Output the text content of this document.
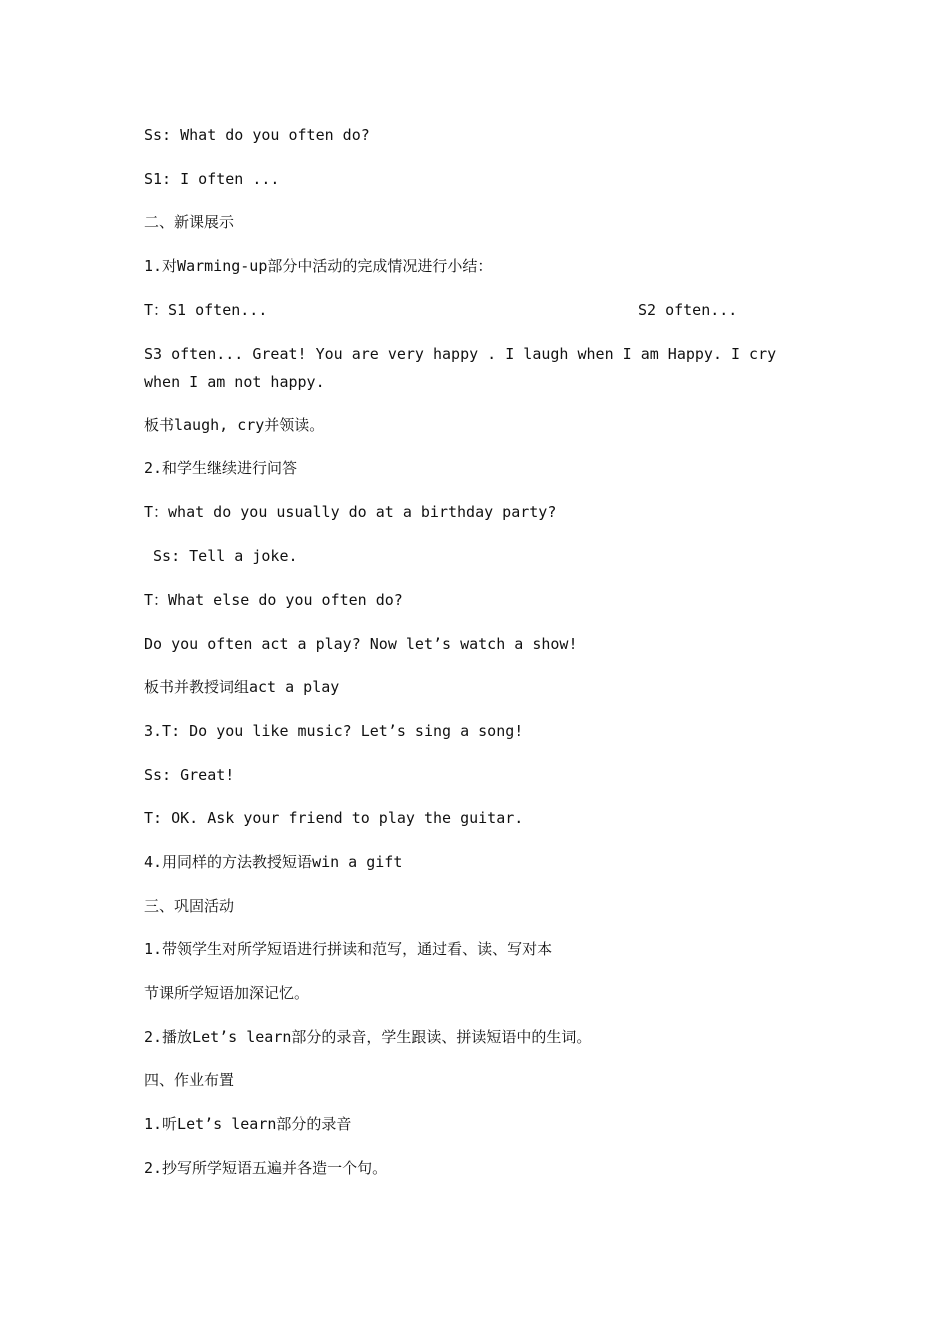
Ss: What do you often do?
S1: I often ...
二、新课展示
1.对Warming-up部分中活动的完成情况进行小结：
T：S1 often...	S2 often...
S3 often... Great! You are very happy . I laugh when I am Happy. I cry when I am not happy.
板书laugh, cry并领读。
2.和学生继续进行问答
T：what do you usually do at a birthday party?
Ss: Tell a joke.
T：What else do you often do?
Do you often act a play? Now let’s watch a show!
板书并教授词组act a play
3.T: Do you like music? Let’s sing a song!
Ss: Great!
T: OK. Ask your friend to play the guitar.
4.用同样的方法教授短语win a gift
三、巩固活动
1.带领学生对所学短语进行拼读和范写，通过看、读、写对本
节课所学短语加深记忆。
2.播放Let’s learn部分的录音，学生跟读、拼读短语中的生词。
四、作业布置
1.听Let’s learn部分的录音
2.抄写所学短语五遍并各造一个句。
